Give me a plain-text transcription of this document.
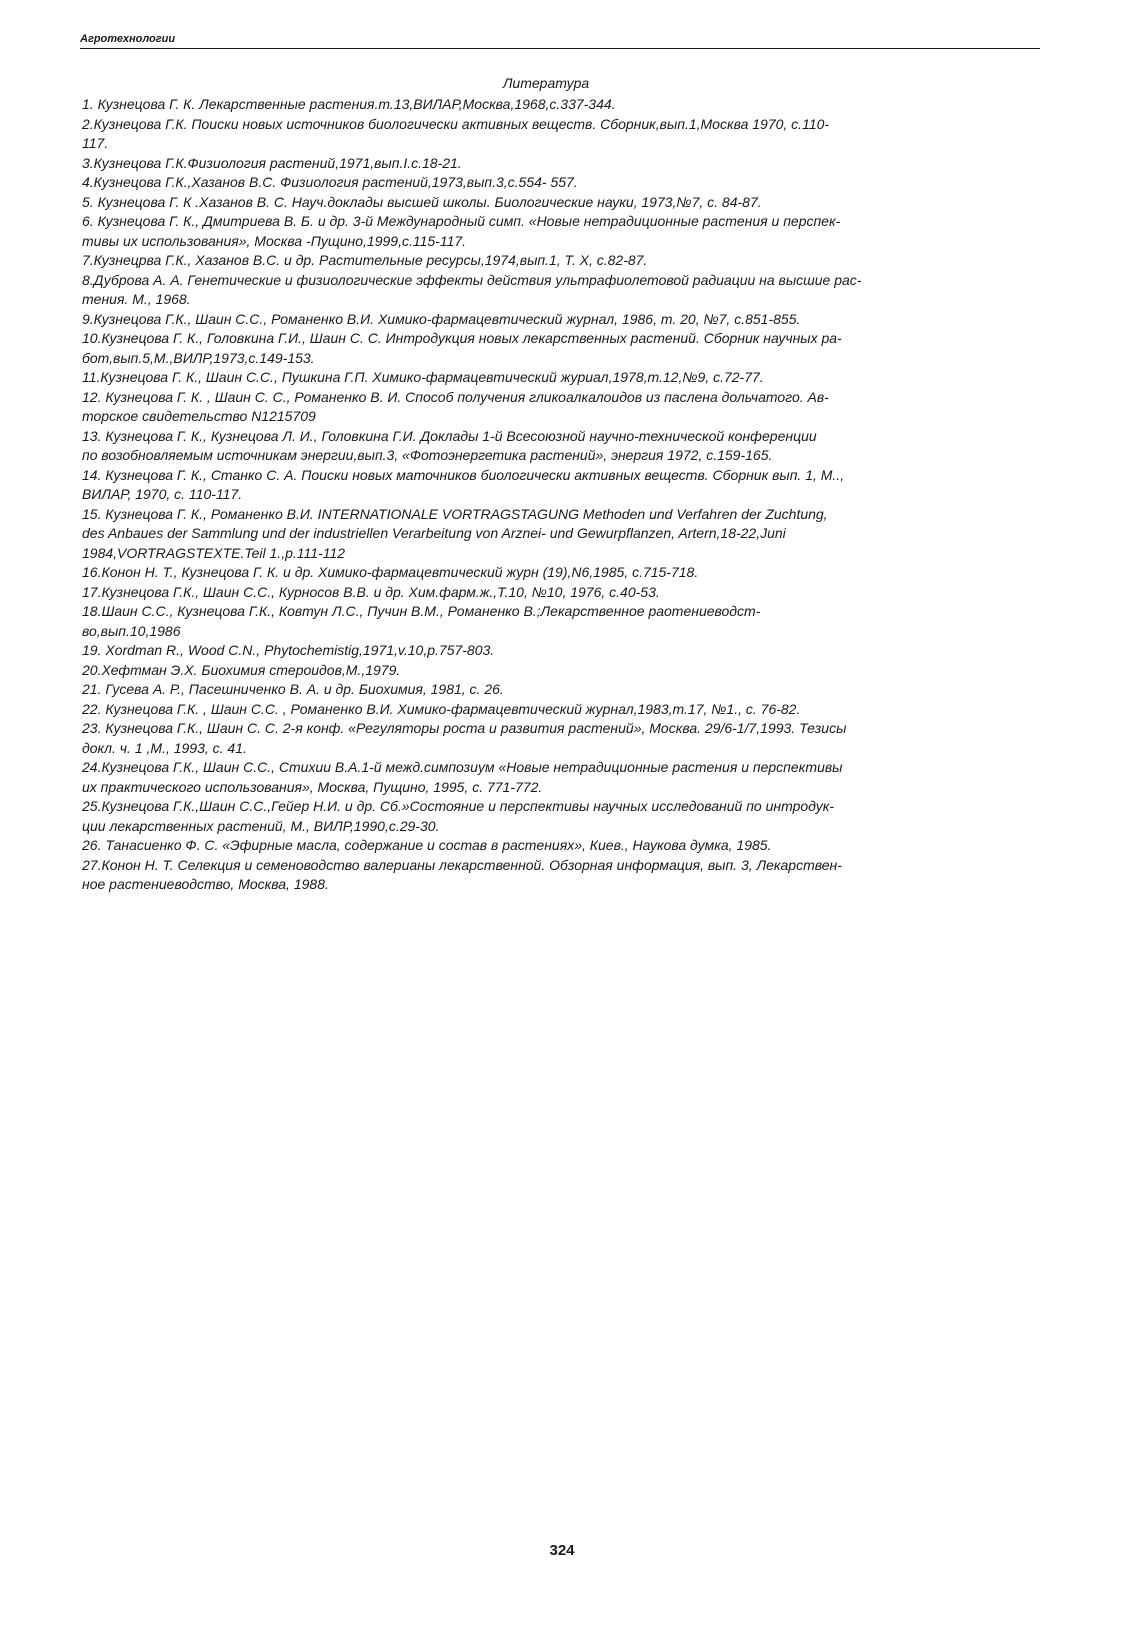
Агротехнологии
Литература
1. Кузнецова Г. К. Лекарственные растения.т.13,ВИЛАР,Москва,1968,с.337-344.
2.Кузнецова Г.К. Поиски новых источников биологически активных веществ. Сборник,вып.1,Москва 1970, с.110-
117.
3.Кузнецова Г.К.Физиология растений,1971,вып.I.c.18-21.
4.Кузнецова Г.К.,Хазанов В.С. Физиология растений,1973,вып.3,с.554- 557.
5. Кузнецова Г. К .Хазанов В. С. Науч.доклады высшей школы. Биологические науки, 1973,№7, с. 84-87.
6. Кузнецова Г. К., Дмитриева В. Б. и др. 3-й Международный симп. «Новые нетрадиционные растения и перспек-
тивы их использования», Москва -Пущино,1999,с.115-117.
7.Кузнецрва Г.К., Хазанов В.С. и др. Растительные ресурсы,1974,вып.1, Т. X, с.82-87.
8.Дуброва А. А. Генетические и физиологические эффекты действия ультрафиолетовой радиации на высшие рас-
тения. М., 1968.
9.Кузнецова Г.К., Шаин С.С., Романенко В.И. Химико-фармацевтический журнал, 1986, т. 20, №7, с.851-855.
10.Кузнецова Г. К., Головкина Г.И., Шаин С. С. Интродукция новых лекарственных растений. Сборник научных ра-
бот,вып.5,М.,ВИЛР,1973,с.149-153.
11.Кузнецова Г. К., Шаин С.С., Пушкина Г.П. Химико-фармацевтический журиал,1978,т.12,№9, с.72-77.
12. Кузнецова Г. К. , Шаин С. С., Романенко В. И. Способ получения гликоалкалоидов из паслена дольчатого. Ав-
торское свидетельство N1215709
13. Кузнецова Г. К., Кузнецова Л. И., Головкина Г.И. Доклады 1-й Всесоюзной научно-технической конференции
по возобновляемым источникам энергии,вып.3, «Фотоэнергетика растений», энергия 1972, с.159-165.
14. Кузнецова Г. К., Станко С. А. Поиски новых маточников биологически активных веществ. Сборник вып. 1, М..,
ВИЛАР, 1970, с. 110-117.
15. Кузнецова Г. К., Романенко В.И. INTERNATIONALE VORTRAGSTAGUNG Methoden und Verfahren der Zuchtung,
des Anbaues der Sammlung und der industriellen Verarbeitung von Arznei- und Gewurpflanzen, Artern,18-22,Juni
1984,VORTRAGSTEXTE.Teil 1.,p.111-112
16.Конон Н. Т., Кузнецова Г. К. и др. Химико-фармацевтический журн (19),N6,1985, с.715-718.
17.Кузнецова Г.К., Шаин С.С., Курносов В.В. и др. Хим.фарм.ж.,Т.10, №10, 1976, с.40-53.
18.Шаин С.С., Кузнецова Г.К., Ковтун Л.С., Пучин В.М., Романенко В.;Лекарственное раотениеводст-
во,вып.10,1986
19. Xordman R., Wood C.N., Phytochemistig,1971,v.10,p.757-803.
20.Хефтман Э.Х. Биохимия стероидов,М.,1979.
21. Гусева А. Р., Пасешниченко В. А. и др. Биохимия, 1981, с. 26.
22. Кузнецова Г.К. , Шаин С.С. , Романенко В.И. Химико-фармацевтический журнал,1983,т.17, №1., с. 76-82.
23. Кузнецова Г.К., Шаин С. С. 2-я конф. «Регуляторы роста и развития растений», Москва. 29/6-1/7,1993. Тезисы
докл. ч. 1 ,М., 1993, с. 41.
24.Кузнецова Г.К., Шаин С.С., Стихии В.А.1-й межд.симпозиум «Новые нетрадиционные растения и перспективы
их практического использования», Москва, Пущино, 1995, с. 771-772.
25.Кузнецова Г.К.,Шаин С.С.,Гейер Н.И. и др. Сб.»Состояние и перспективы научных исследований по интродук-
ции лекарственных растений, М., ВИЛР,1990,с.29-30.
26. Танасиенко Ф. С. «Эфирные масла, содержание и состав в растениях», Киев., Наукова думка, 1985.
27.Конон Н. Т. Селекция и семеноводство валерианы лекарственной. Обзорная информация, вып. 3, Лекарствен-
ное растениеводство, Москва, 1988.
324
